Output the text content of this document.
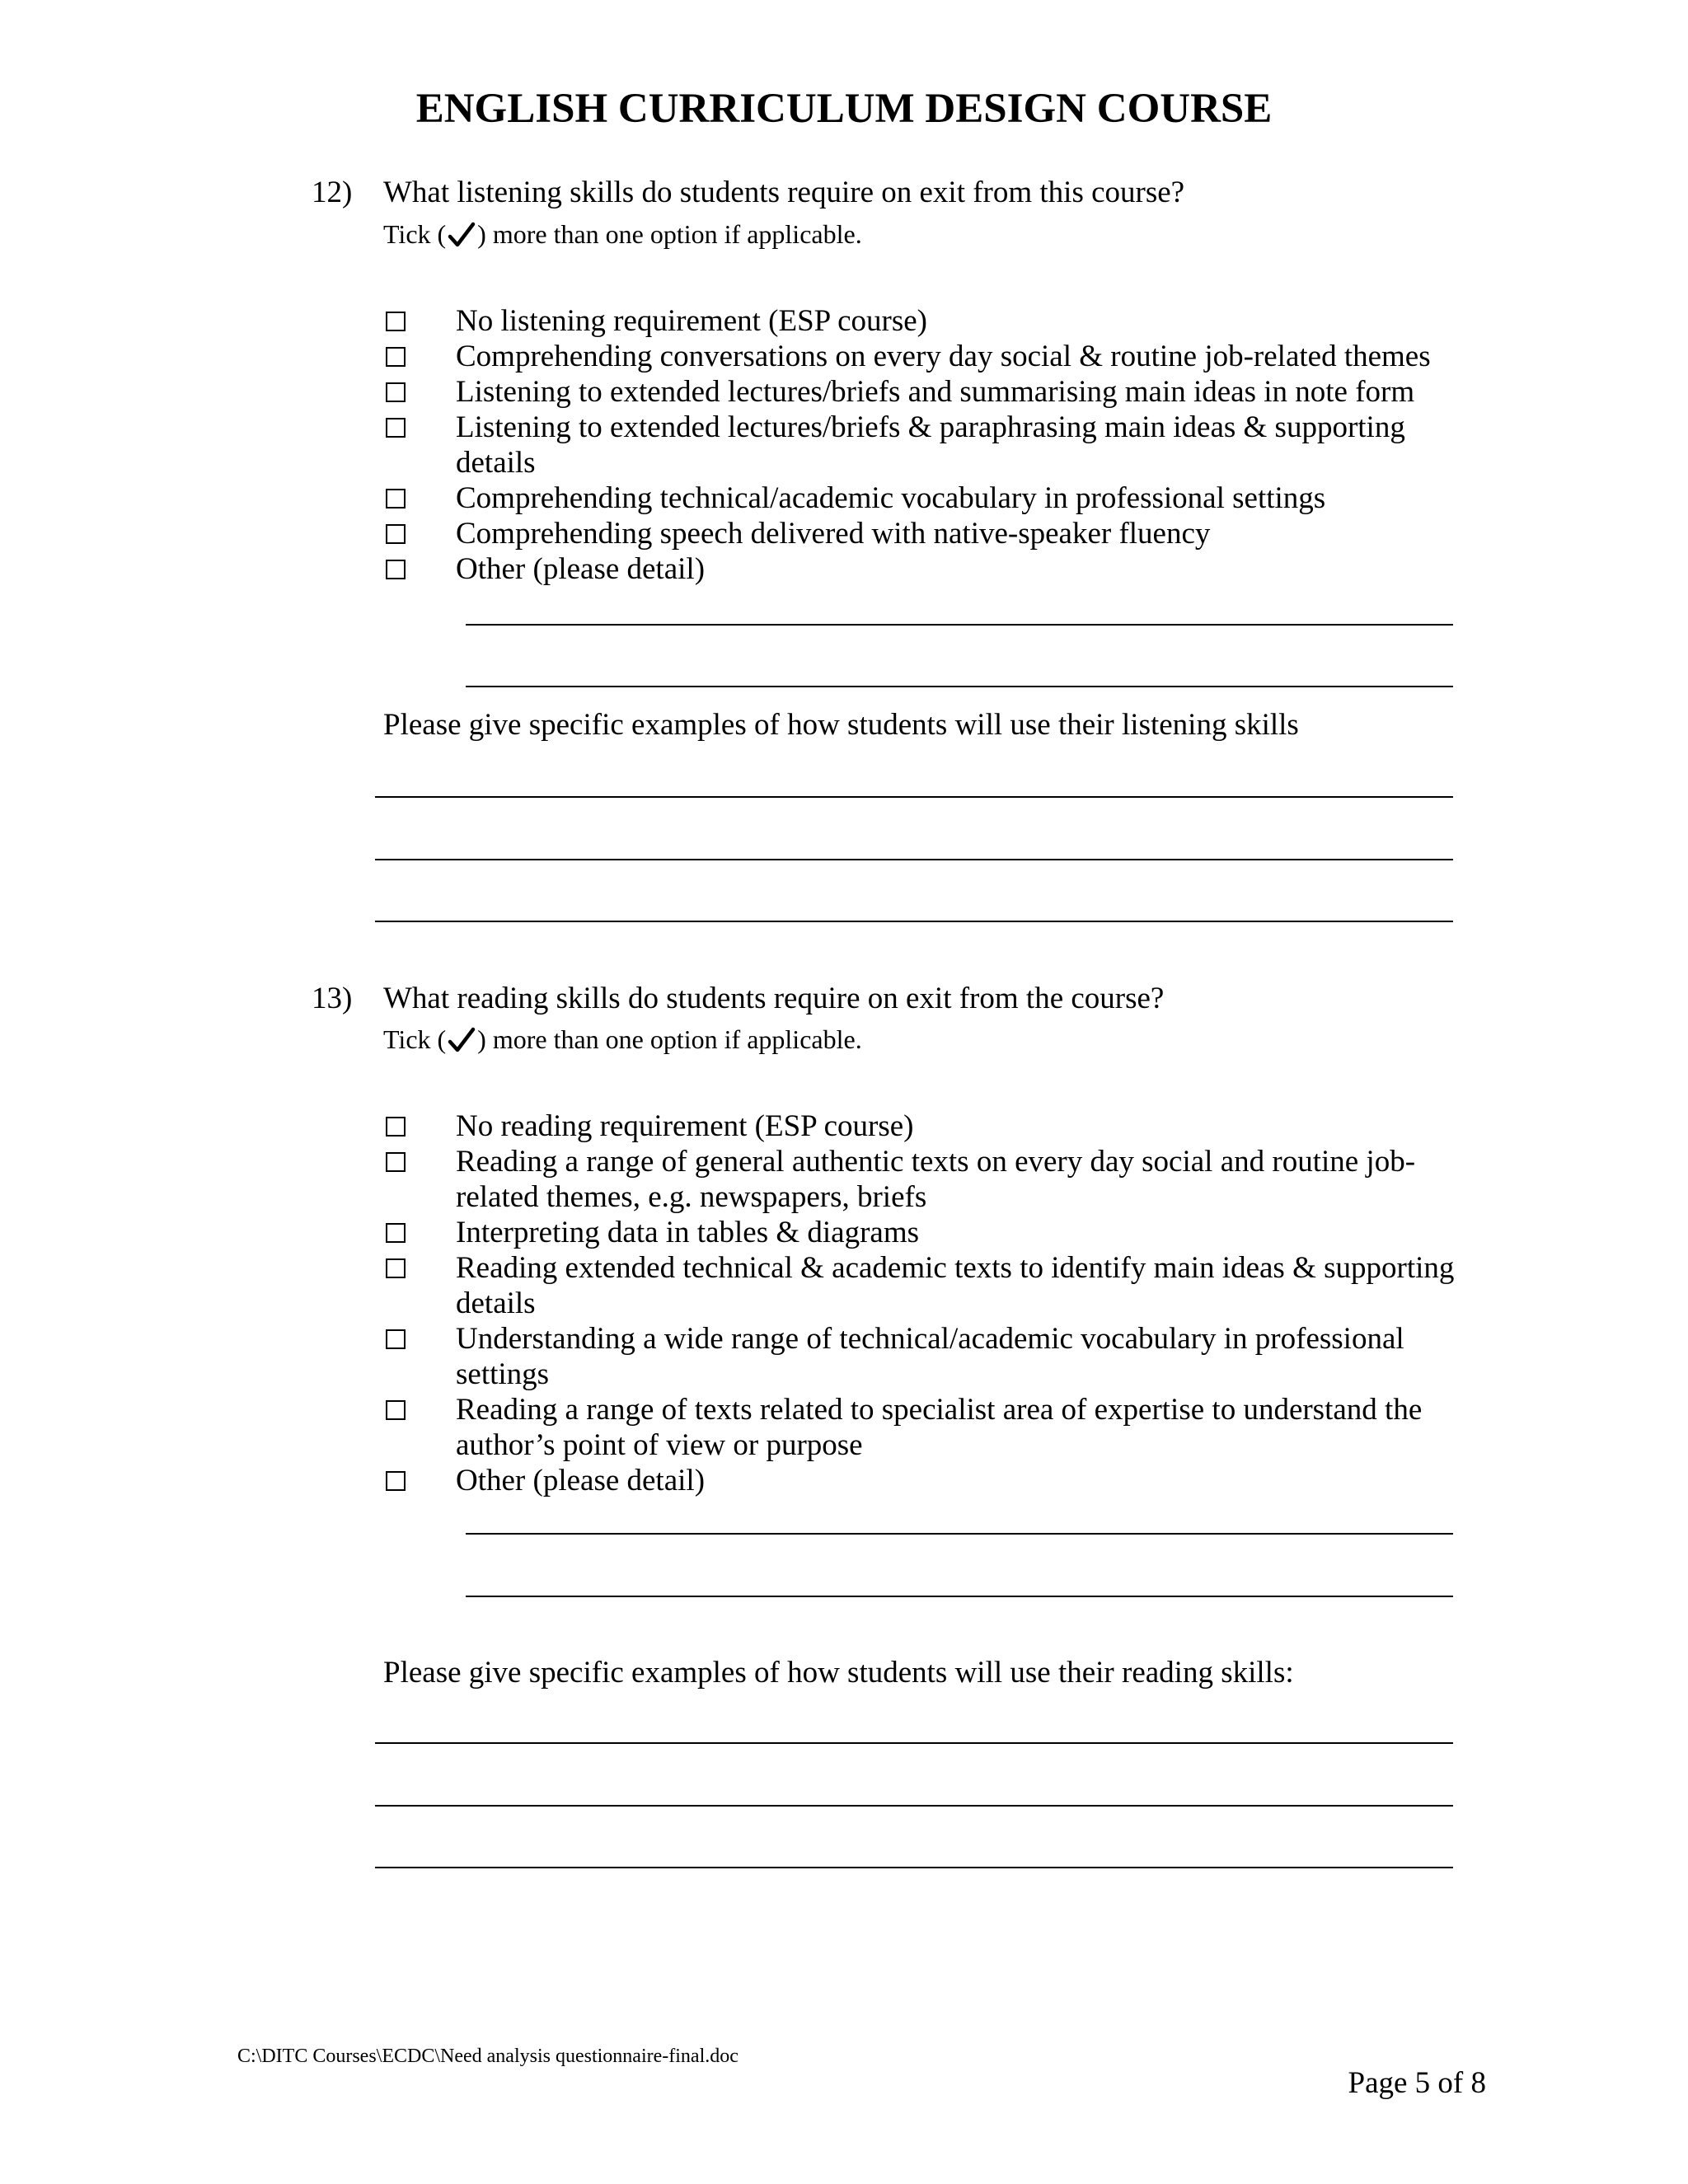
ENGLISH CURRICULUM DESIGN COURSE
12) What listening skills do students require on exit from this course?
Tick ( ) more than one option if applicable.
No listening requirement (ESP course)
Comprehending conversations on every day social & routine job-related themes
Listening to extended lectures/briefs and summarising main ideas in note form
Listening to extended lectures/briefs & paraphrasing main ideas & supporting details
Comprehending technical/academic vocabulary in professional settings
Comprehending speech delivered with native-speaker fluency
Other (please detail)
Please give specific examples of how students will use their listening skills
13) What reading skills do students require on exit from the course?
Tick ( ) more than one option if applicable.
No reading requirement (ESP course)
Reading a range of general authentic texts on every day social and routine job-related themes, e.g. newspapers, briefs
Interpreting data in tables & diagrams
Reading extended technical & academic texts to identify main ideas & supporting details
Understanding a wide range of technical/academic vocabulary in professional settings
Reading a range of texts related to specialist area of expertise to understand the author’s point of view or purpose
Other (please detail)
Please give specific examples of how students will use their reading skills:
C:\DITC Courses\ECDC\Need analysis questionnaire-final.doc
Page 5 of 8
